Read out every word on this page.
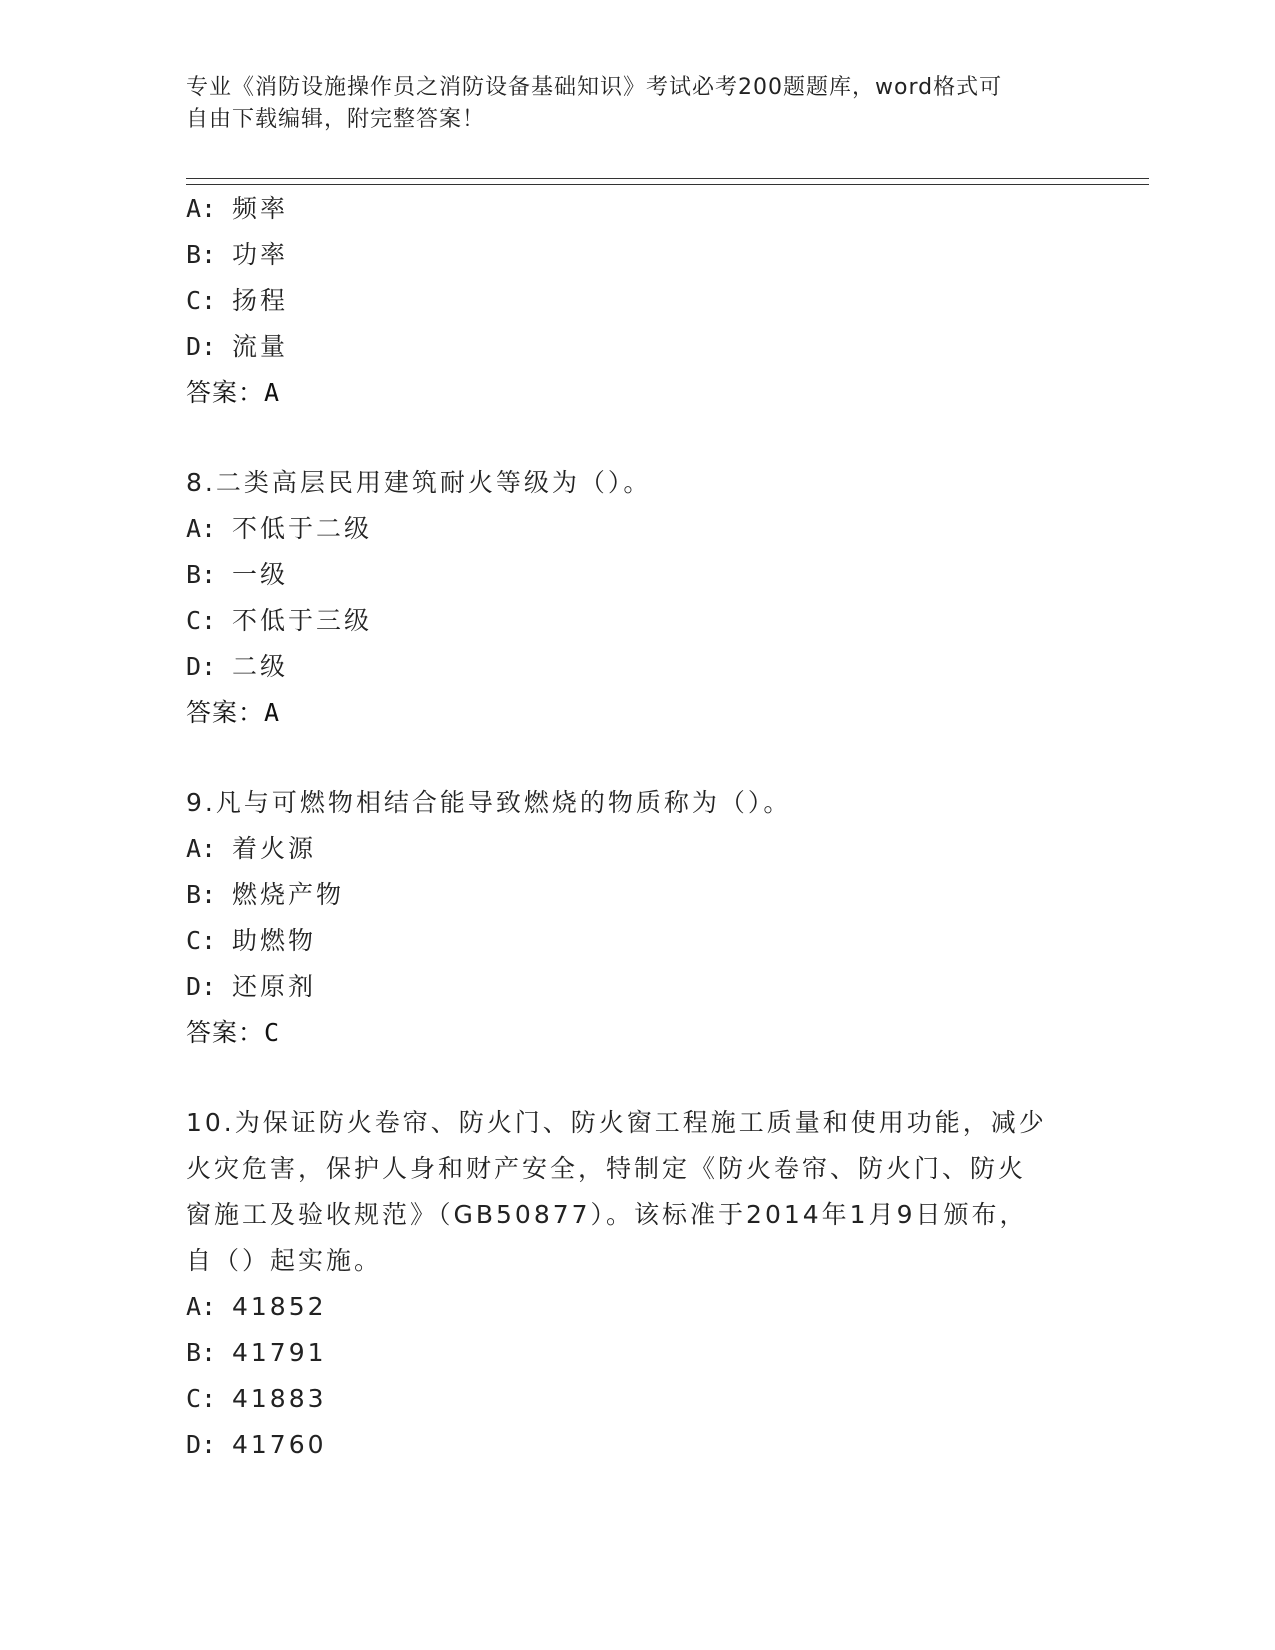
专业《消防设施操作员之消防设备基础知识》考试必考200题题库，word格式可
自由下载编辑，附完整答案！
A: 频率
B: 功率
C: 扬程
D: 流量
答案：A
8.二类高层民用建筑耐火等级为（）。
A: 不低于二级
B: 一级
C: 不低于三级
D: 二级
答案：A
9.凡与可燃物相结合能导致燃烧的物质称为（）。
A: 着火源
B: 燃烧产物
C: 助燃物
D: 还原剂
答案：C
10.为保证防火卷帘、防火门、防火窗工程施工质量和使用功能，减少
火灾危害，保护人身和财产安全，特制定《防火卷帘、防火门、防火
窗施工及验收规范》（GB50877）。该标准于2014年1月9日颁布，
自（）起实施。
A: 41852
B: 41791
C: 41883
D: 41760
